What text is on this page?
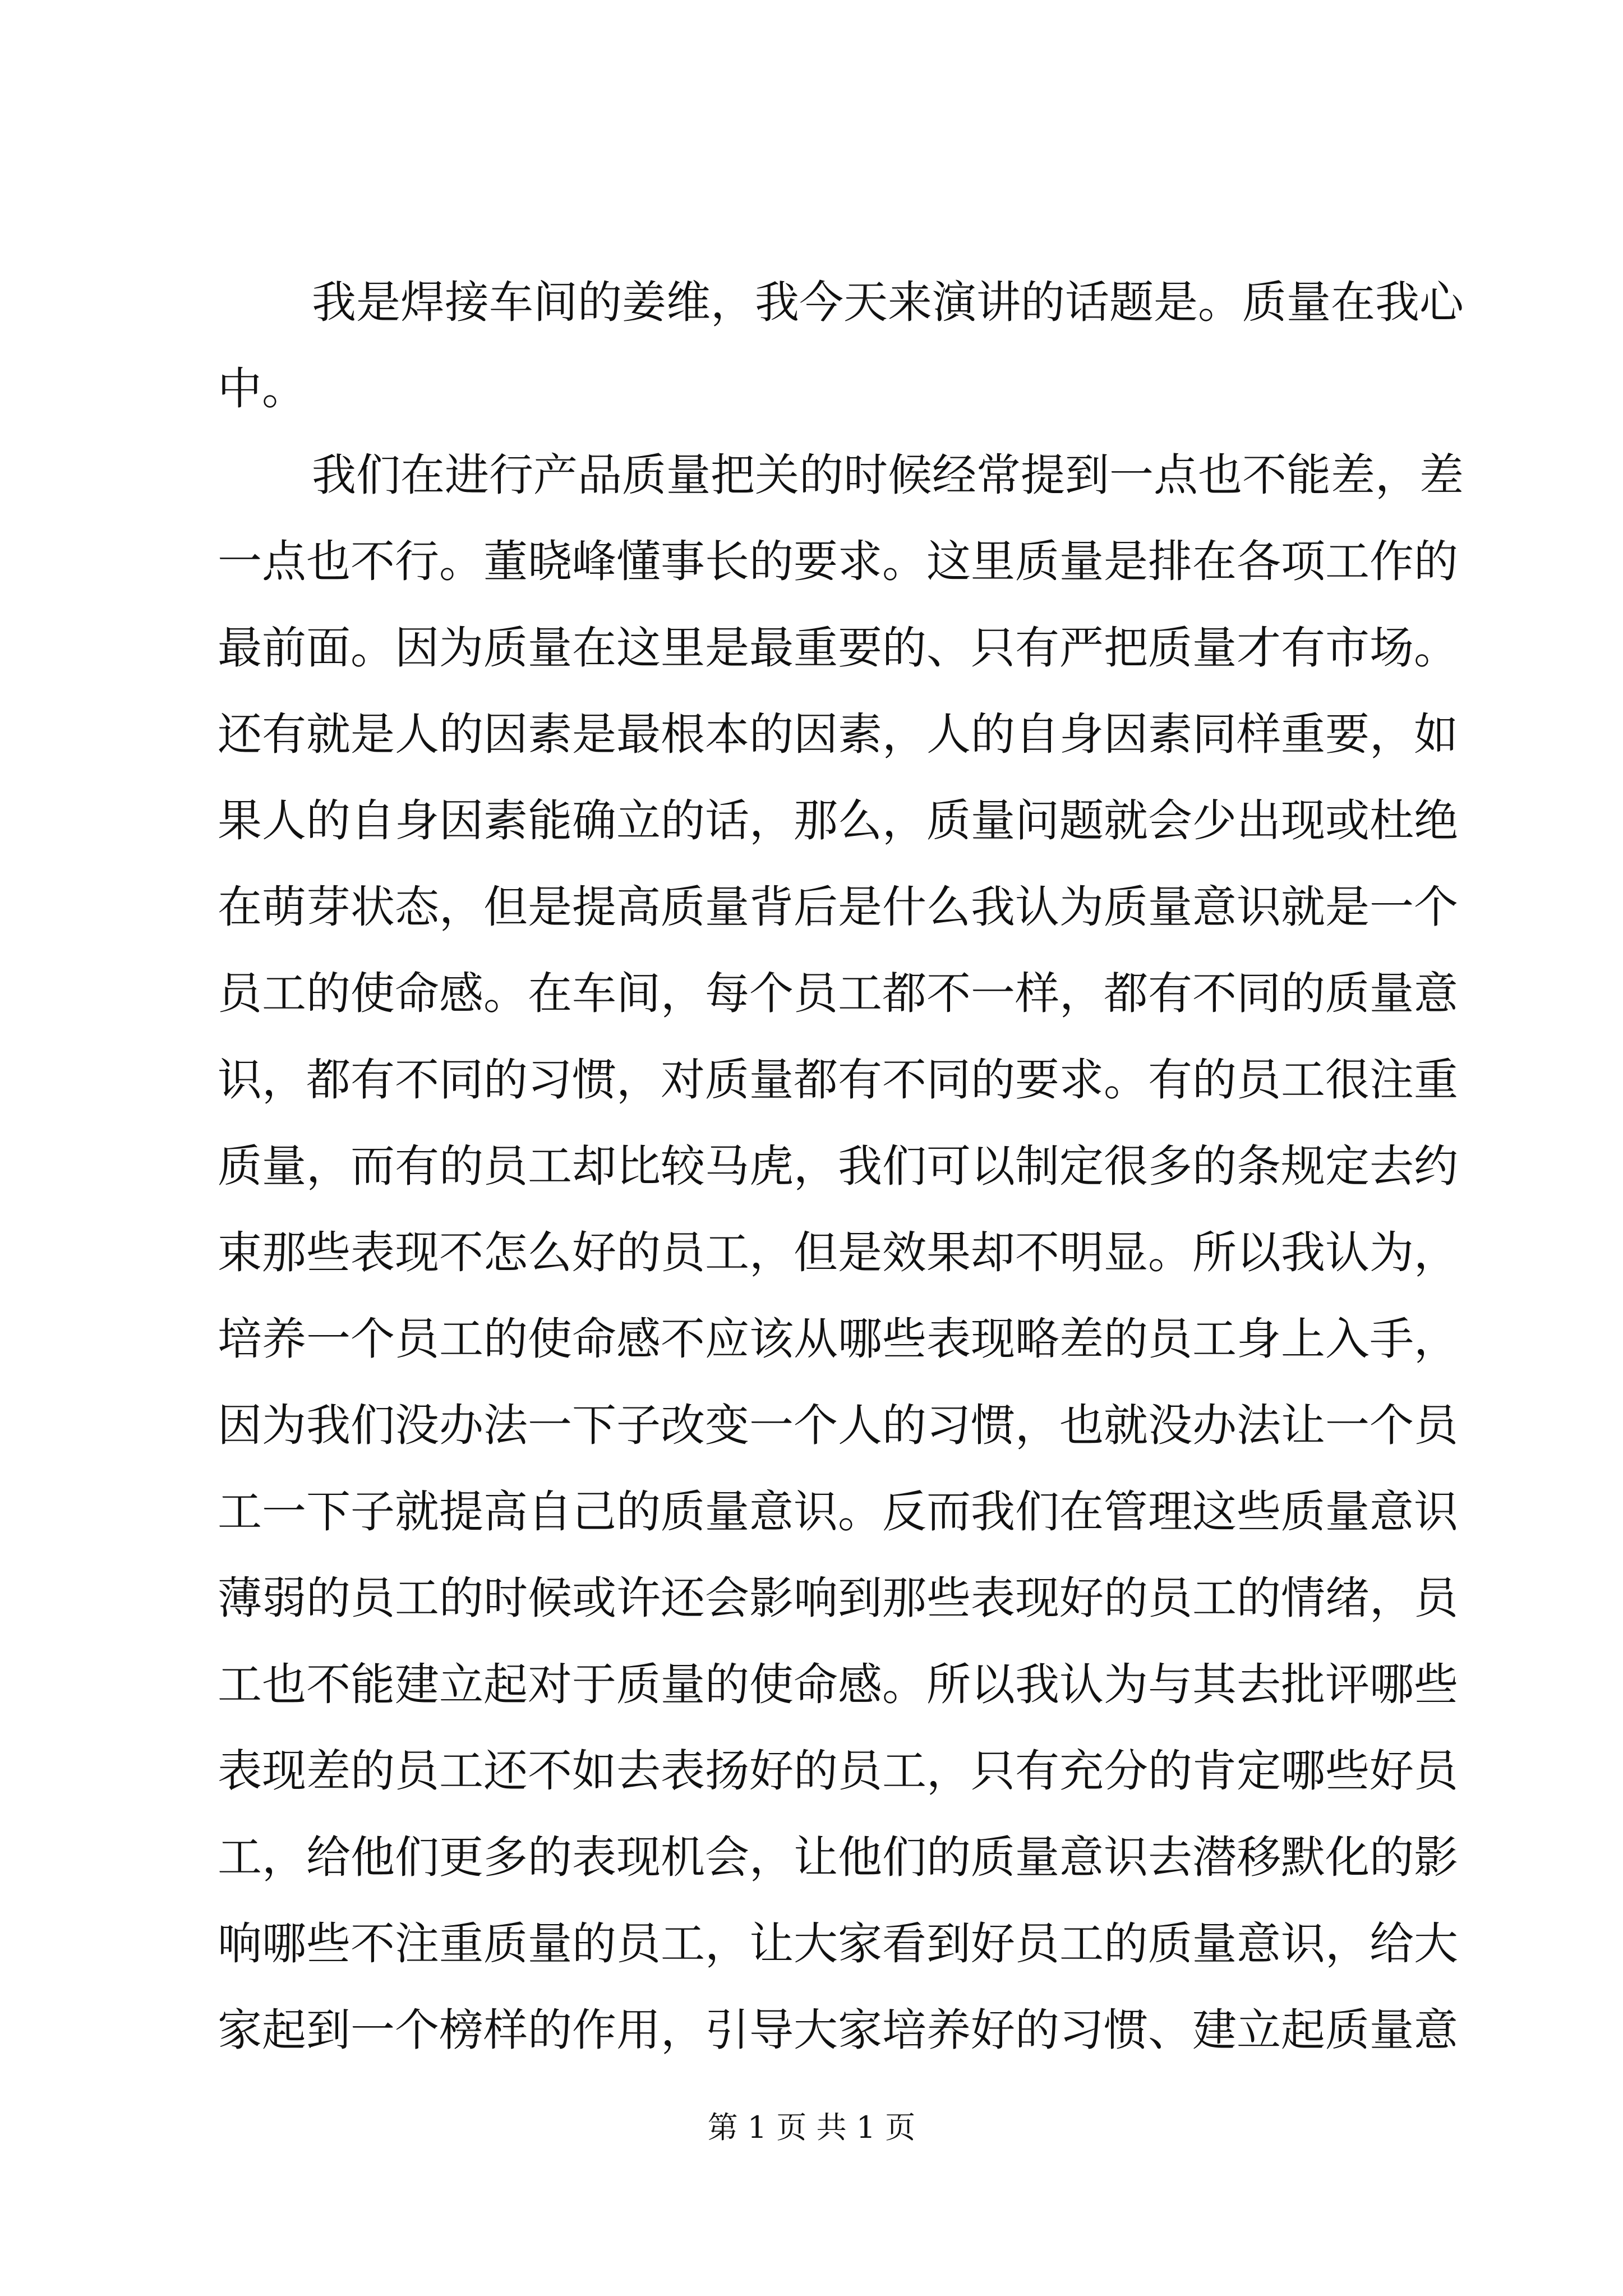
我是焊接车间的姜维，我今天来演讲的话题是。质量在我心
中。
我们在进行产品质量把关的时候经常提到一点也不能差，差
一点也不行。董晓峰懂事长的要求。这里质量是排在各项工作的
最前面。因为质量在这里是最重要的、只有严把质量才有市场。
还有就是人的因素是最根本的因素，人的自身因素同样重要，如
果人的自身因素能确立的话，那么，质量问题就会少出现或杜绝
在萌芽状态，但是提高质量背后是什么我认为质量意识就是一个
员工的使命感。在车间，每个员工都不一样，都有不同的质量意
识，都有不同的习惯，对质量都有不同的要求。有的员工很注重
质量，而有的员工却比较马虎，我们可以制定很多的条规定去约
束那些表现不怎么好的员工，但是效果却不明显。所以我认为，
培养一个员工的使命感不应该从哪些表现略差的员工身上入手，
因为我们没办法一下子改变一个人的习惯，也就没办法让一个员
工一下子就提高自己的质量意识。反而我们在管理这些质量意识
薄弱的员工的时候或许还会影响到那些表现好的员工的情绪，员
工也不能建立起对于质量的使命感。所以我认为与其去批评哪些
表现差的员工还不如去表扬好的员工，只有充分的肯定哪些好员
工，给他们更多的表现机会，让他们的质量意识去潜移默化的影
响哪些不注重质量的员工，让大家看到好员工的质量意识，给大
家起到一个榜样的作用，引导大家培养好的习惯、建立起质量意
第 1 页 共 1 页
